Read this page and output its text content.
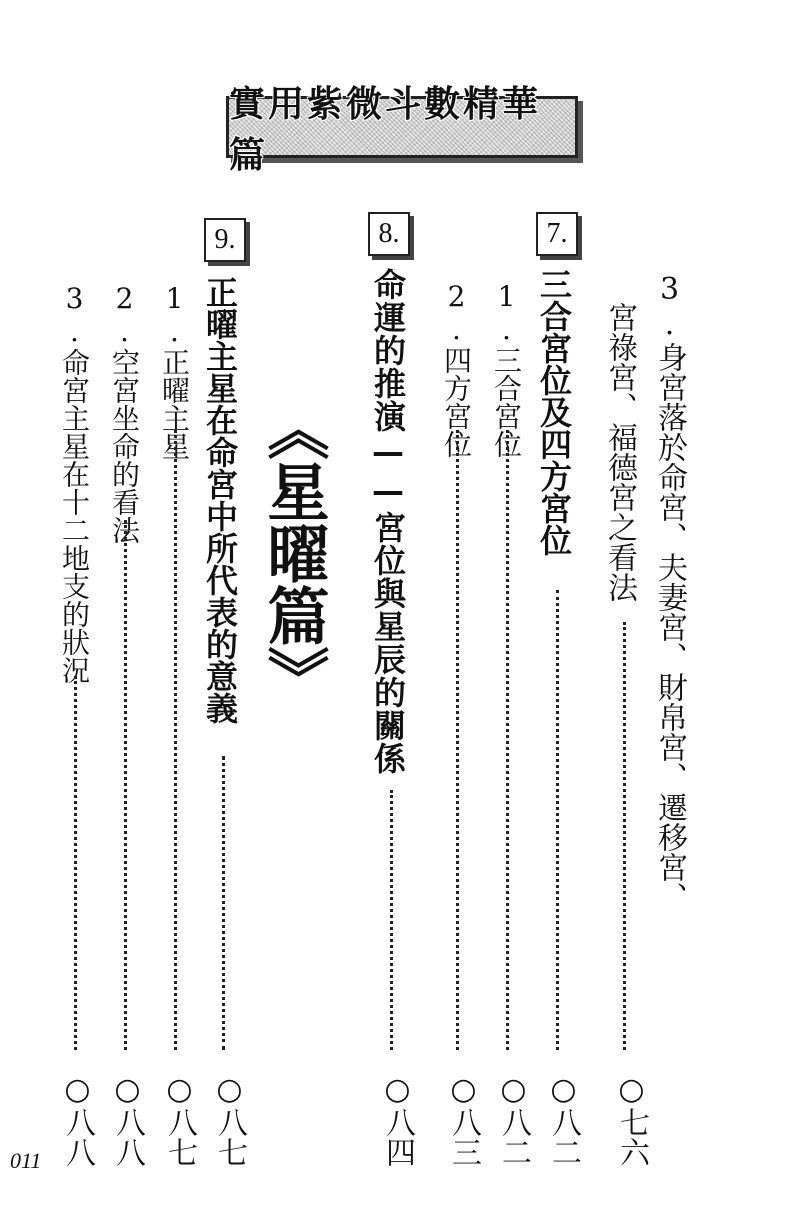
實用紫微斗數精華篇
3.身宮落於命宮、夫妻宮、財帛宮、遷移宮、
宮祿宮、福德宮之看法
○七六
7.
三合宮位及四方宮位
○八二
1.三合宮位
○八二
2.四方宮位
○八三
8.
命運的推演——宮位與星辰的關係
○八四
《星曜篇》
9.
正曜主星在命宮中所代表的意義
○八七
1.正曜主星
○八七
2.空宮坐命的看法
○八八
3.命宮主星在十二地支的狀況
○八八
011
